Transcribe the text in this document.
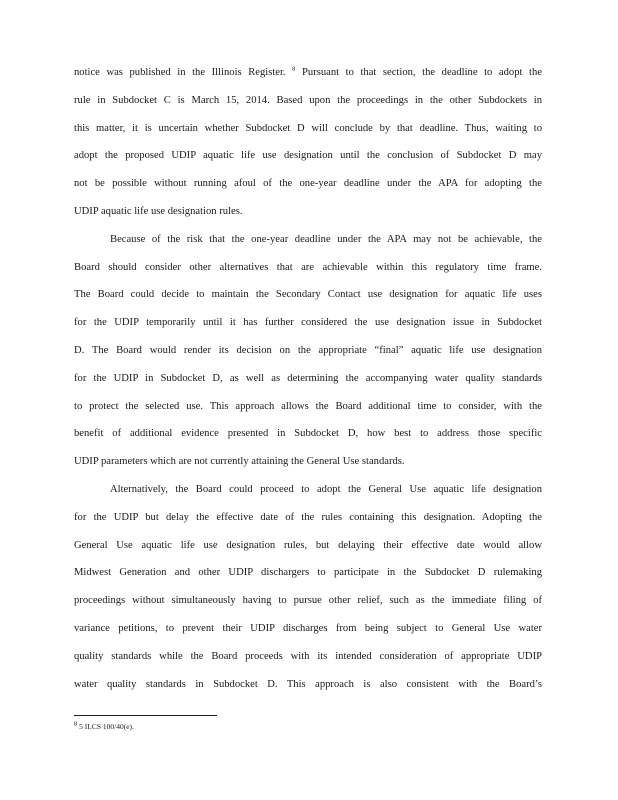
notice was published in the Illinois Register. $^8$ Pursuant to that section, the deadline to adopt the
rule in Subdocket C is March 15, 2014. Based upon the proceedings in the other Subdockets in
this matter, it is uncertain whether Subdocket D will conclude by that deadline. Thus, waiting to
adopt the proposed UDIP aquatic life use designation until the conclusion of Subdocket D may
not be possible without running afoul of the one-year deadline under the APA for adopting the
UDIP aquatic life use designation rules.
Because of the risk that the one-year deadline under the APA may not be achievable, the
Board should consider other alternatives that are achievable within this regulatory time frame.
The Board could decide to maintain the Secondary Contact use designation for aquatic life uses
for the UDIP temporarily until it has further considered the use designation issue in Subdocket
D. The Board would render its decision on the appropriate “final” aquatic life use designation
for the UDIP in Subdocket D, as well as determining the accompanying water quality standards
to protect the selected use. This approach allows the Board additional time to consider, with the
benefit of additional evidence presented in Subdocket D, how best to address those specific
UDIP parameters which are not currently attaining the General Use standards.
Alternatively, the Board could proceed to adopt the General Use aquatic life designation
for the UDIP but delay the effective date of the rules containing this designation. Adopting the
General Use aquatic life use designation rules, but delaying their effective date would allow
Midwest Generation and other UDIP dischargers to participate in the Subdocket D rulemaking
proceedings without simultaneously having to pursue other relief, such as the immediate filing of
variance petitions, to prevent their UDIP discharges from being subject to General Use water
quality standards while the Board proceeds with its intended consideration of appropriate UDIP
water quality standards in Subdocket D. This approach is also consistent with the Board’s
$^8$ 5 ILCS 100/40(e).
